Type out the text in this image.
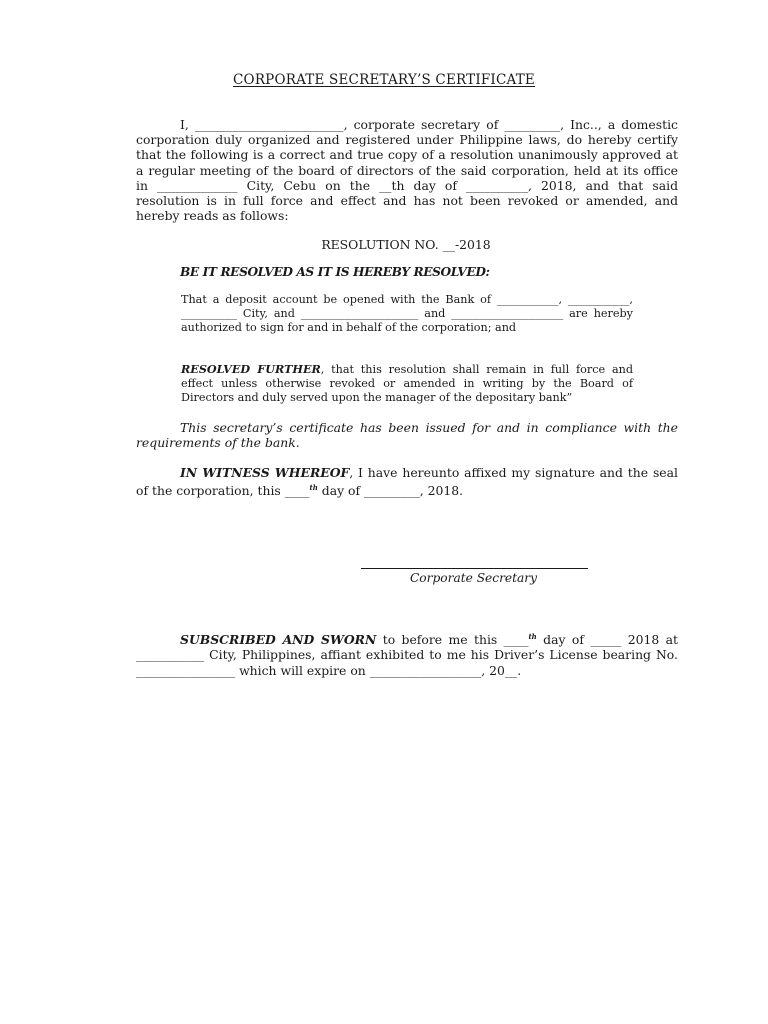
CORPORATE SECRETARY’S CERTIFICATE

I, ________________________, corporate secretary of _________, Inc.., a domestic corporation duly organized and registered under Philippine laws, do hereby certify that the following is a correct and true copy of a resolution unanimously approved at a regular meeting of the board of directors of the said corporation, held at its office in _____________ City, Cebu on the __th day of __________, 2018, and that said resolution is in full force and effect and has not been revoked or amended, and hereby reads as follows:

RESOLUTION NO. __-2018
BE IT RESOLVED AS IT IS HEREBY RESOLVED:

That a deposit account be opened with the Bank of ___________, ___________, __________ City, and _____________________ and ____________________ are hereby authorized to sign for and in behalf of the corporation; and

RESOLVED FURTHER, that this resolution shall remain in full force and effect unless otherwise revoked or amended in writing by the Board of Directors and duly served upon the manager of the depositary bank”

This secretary’s certificate has been issued for and in compliance with the requirements of the bank.

IN WITNESS WHEREOF, I have hereunto affixed my signature and the seal of the corporation, this ____$^{th}$ day of _________, 2018.

Corporate Secretary

SUBSCRIBED AND SWORN to before me this ____$^{th}$ day of _____ 2018 at ___________ City, Philippines, affiant exhibited to me his Driver’s License bearing No. ________________ which will expire on __________________, 20__.
